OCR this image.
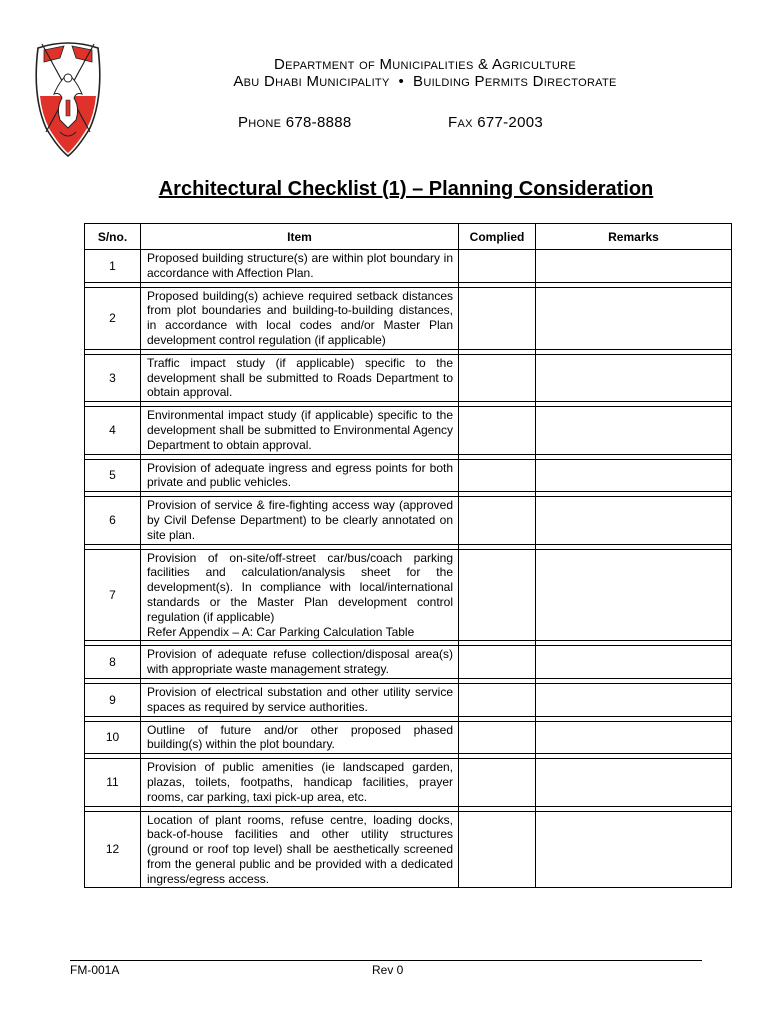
Department of Municipalities & Agriculture
Abu Dhabi Municipality • Building Permits Directorate
Phone 678-8888	Fax 677-2003
Architectural Checklist (1) – Planning Consideration
S/no.	Item	Complied	Remarks
1	Proposed building structure(s) are within plot boundary in accordance with Affection Plan.		

2	Proposed building(s) achieve required setback distances from plot boundaries and building-to-building distances, in accordance with local codes and/or Master Plan development control regulation (if applicable)		

3	Traffic impact study (if applicable) specific to the development shall be submitted to Roads Department to obtain approval.		

4	Environmental impact study (if applicable) specific to the development shall be submitted to Environmental Agency Department to obtain approval.		

5	Provision of adequate ingress and egress points for both private and public vehicles.		

6	Provision of service & fire-fighting access way (approved by Civil Defense Department) to be clearly annotated on site plan.		

7	Provision of on-site/off-street car/bus/coach parking facilities and calculation/analysis sheet for the development(s). In compliance with local/international standards or the Master Plan development control regulation (if applicable)
Refer Appendix – A: Car Parking Calculation Table		

8	Provision of adequate refuse collection/disposal area(s) with appropriate waste management strategy.		

9	Provision of electrical substation and other utility service spaces as required by service authorities.		

10	Outline of future and/or other proposed phased building(s) within the plot boundary.		

11	Provision of public amenities (ie landscaped garden, plazas, toilets, footpaths, handicap facilities, prayer rooms, car parking, taxi pick-up area, etc.		

12	Location of plant rooms, refuse centre, loading docks, back-of-house facilities and other utility structures (ground or roof top level) shall be aesthetically screened from the general public and be provided with a dedicated ingress/egress access.		
FM-001A	Rev 0
